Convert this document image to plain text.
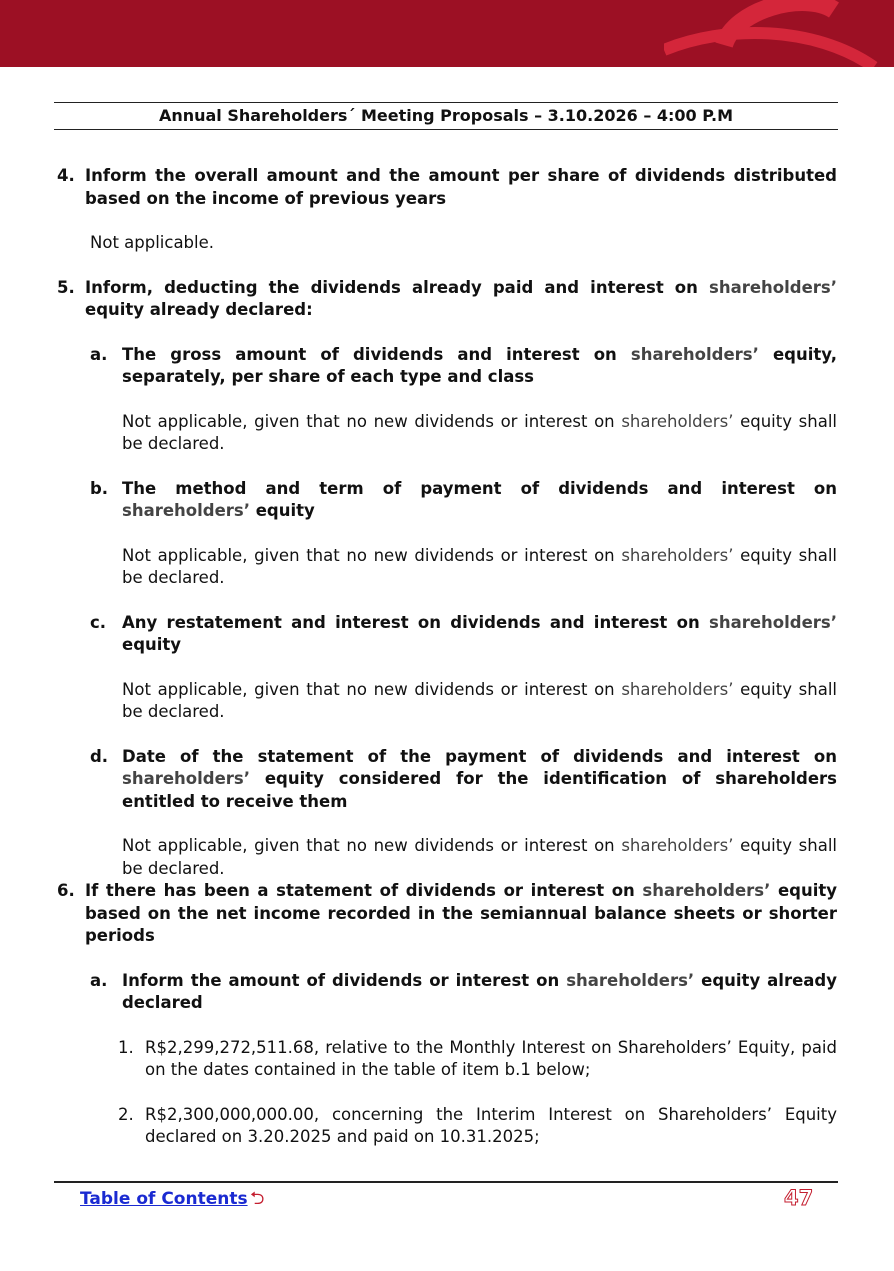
Annual Shareholders´ Meeting Proposals – 3.10.2026 – 4:00 P.M
4. Inform the overall amount and the amount per share of dividends distributed based on the income of previous years
Not applicable.
5. Inform, deducting the dividends already paid and interest on shareholders’ equity already declared:
a. The gross amount of dividends and interest on shareholders’ equity, separately, per share of each type and class
Not applicable, given that no new dividends or interest on shareholders’ equity shall be declared.
b. The method and term of payment of dividends and interest on shareholders’ equity
Not applicable, given that no new dividends or interest on shareholders’ equity shall be declared.
c. Any restatement and interest on dividends and interest on shareholders’ equity
Not applicable, given that no new dividends or interest on shareholders’ equity shall be declared.
d. Date of the statement of the payment of dividends and interest on shareholders’ equity considered for the identification of shareholders entitled to receive them
Not applicable, given that no new dividends or interest on shareholders’ equity shall be declared.
6. If there has been a statement of dividends or interest on shareholders’ equity based on the net income recorded in the semiannual balance sheets or shorter periods
a. Inform the amount of dividends or interest on shareholders’ equity already declared
1. R$2,299,272,511.68, relative to the Monthly Interest on Shareholders’ Equity, paid on the dates contained in the table of item b.1 below;
2. R$2,300,000,000.00, concerning the Interim Interest on Shareholders’ Equity declared on 3.20.2025 and paid on 10.31.2025;
Table of Contents ⮌	47
